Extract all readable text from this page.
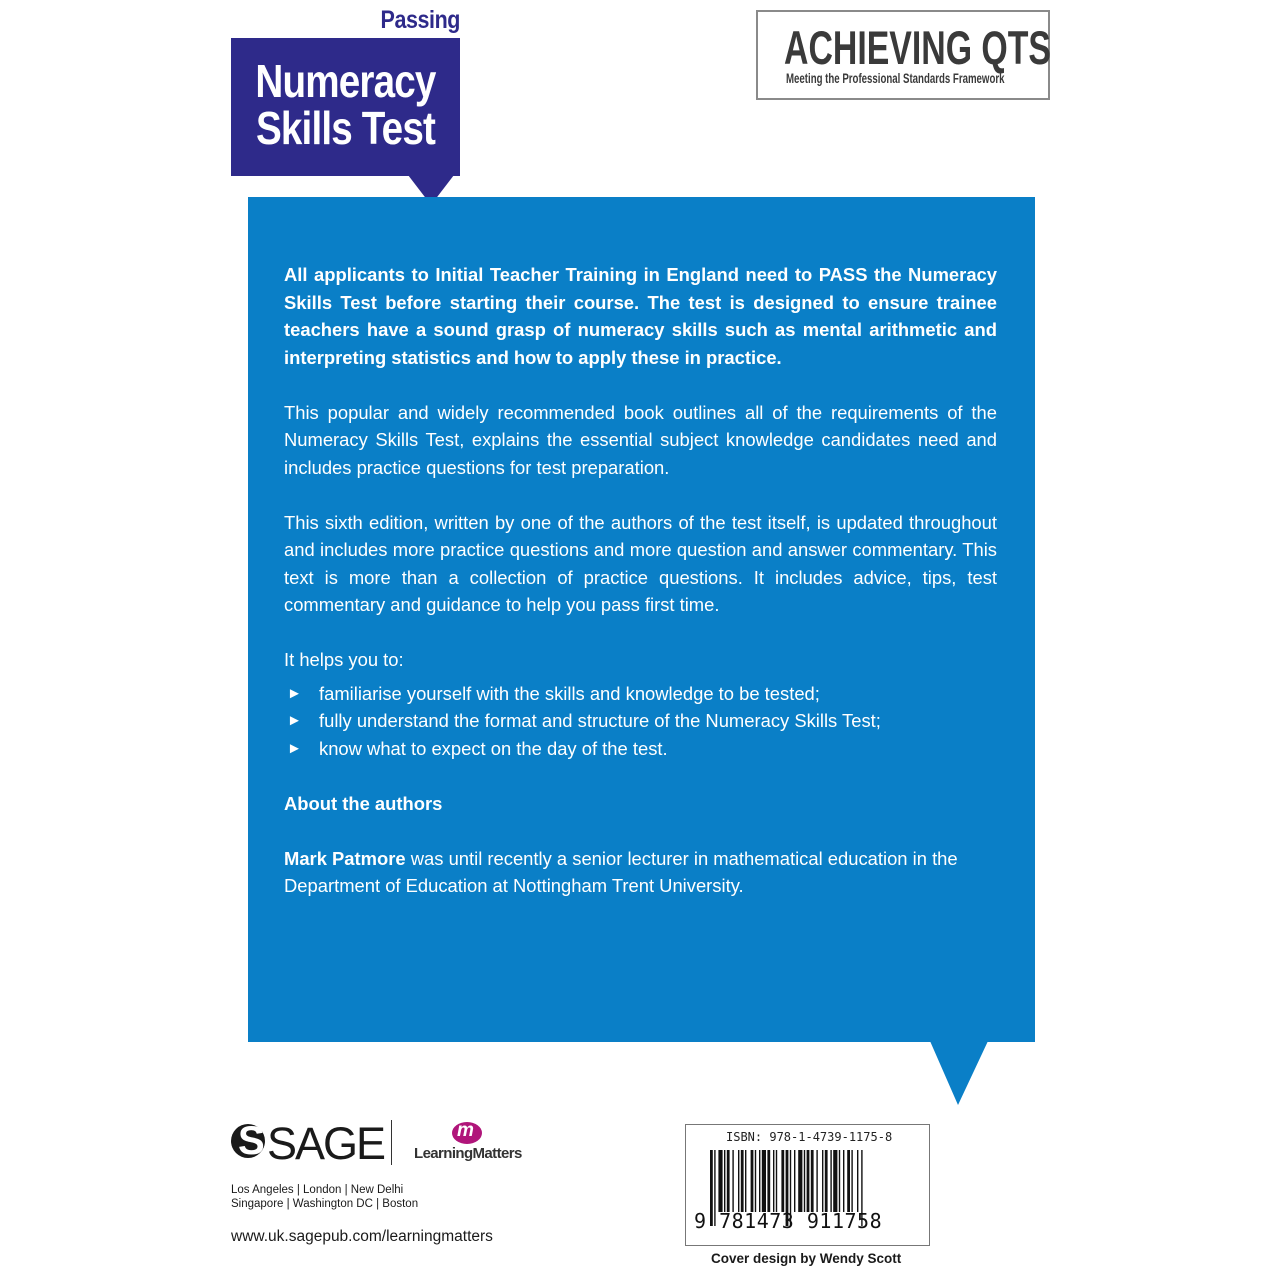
Passing
Numeracy
Skills Test
ACHIEVING QTS
Meeting the Professional Standards Framework

All applicants to Initial Teacher Training in England need to PASS the Numeracy Skills Test before starting their course. The test is designed to ensure trainee teachers have a sound grasp of numeracy skills such as mental arithmetic and interpreting statistics and how to apply these in practice.

This popular and widely recommended book outlines all of the requirements of the Numeracy Skills Test, explains the essential subject knowledge candidates need and includes practice questions for test preparation.

This sixth edition, written by one of the authors of the test itself, is updated throughout and includes more practice questions and more question and answer commentary. This text is more than a collection of practice questions. It includes advice, tips, test commentary and guidance to help you pass first time.

It helps you to:

► familiarise yourself with the skills and knowledge to be tested;
► fully understand the format and structure of the Numeracy Skills Test;
► know what to expect on the day of the test.

About the authors

Mark Patmore was until recently a senior lecturer in mathematical education in the Department of Education at Nottingham Trent University.

S SAGE	m
LearningMatters
Los Angeles | London | New Delhi
Singapore | Washington DC | Boston
www.uk.sagepub.com/learningmatters
ISBN: 978-1-4739-1175-8
9 781473 911758
Cover design by Wendy Scott
